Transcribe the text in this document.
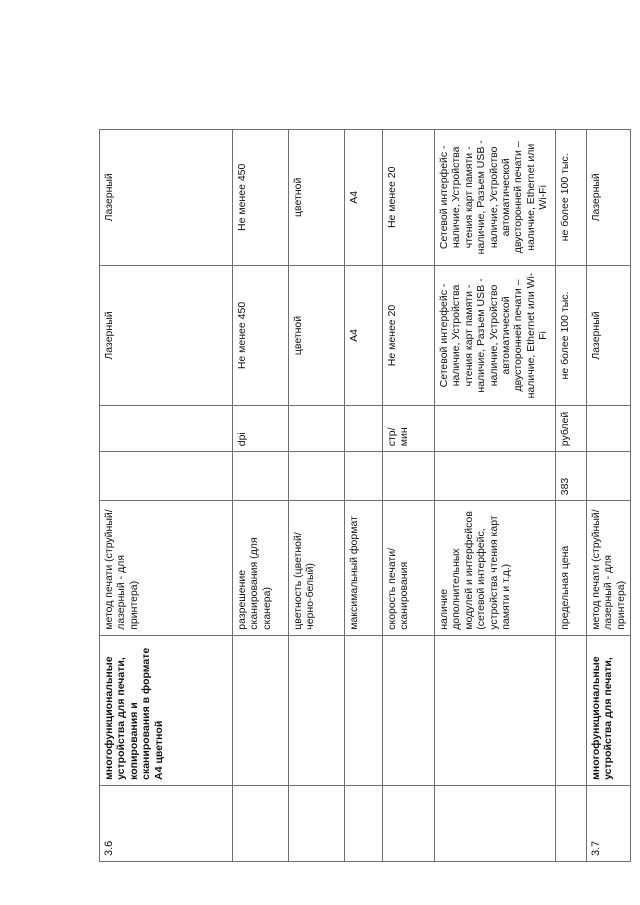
3.6	многофункциональные устройства для печати, копирования и сканирования в формате А4 цветной	метод печати (струйный/лазерный - для принтера)			Лазерный	Лазерный
		разрешение сканирования (для сканера)		dpi	Не менее 450	Не менее 450
		цветность (цветной/черно-белый)			цветной	цветной
		максимальный формат			А4	А4
		скорость печати/сканирования		стр/мин	Не менее 20	Не менее 20
		наличие дополнительных модулей и интерфейсов (сетевой интерфейс, устройства чтения карт памяти и т.д.)			Сетевой интерфейс - наличие, Устройства чтения карт памяти - наличие, Разъем USB - наличие, Устройство автоматической двусторонней печати – наличие, Ethernet или Wi-Fi	Сетевой интерфейс - наличие, Устройства чтения карт памяти - наличие, Разъем USB - наличие, Устройство автоматической двусторонней печати – наличие, Ethernet или Wi-Fi
		предельная цена	383	рублей	не более 100 тыс.	не более 100 тыс.
3.7	многофункциональные устройства для печати,	метод печати (струйный/лазерный - для принтера)			Лазерный	Лазерный
